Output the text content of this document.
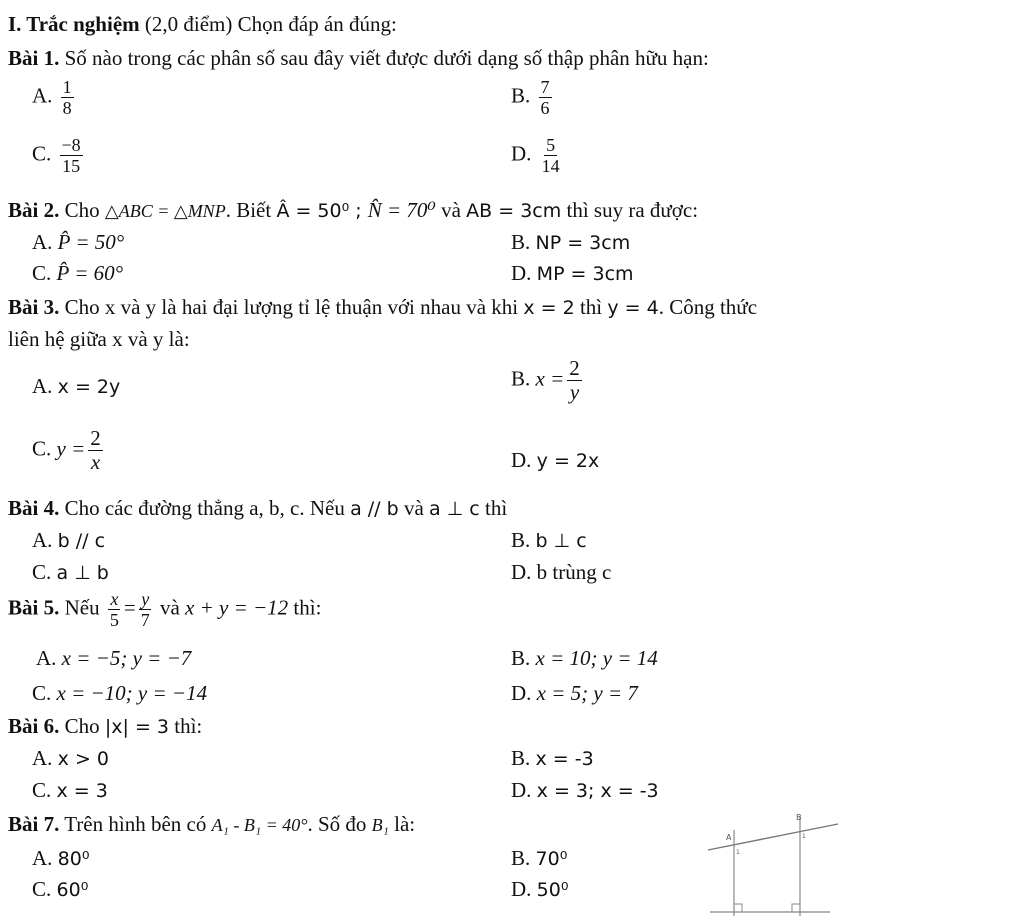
I. Trắc nghiệm (2,0 điểm) Chọn đáp án đúng:
Bài 1. Số nào trong các phân số sau đây viết được dưới dạng số thập phân hữu hạn:
A. $\frac{1}{8}$	B. $\frac{7}{6}$
C. $\frac{-8}{15}$	D. $\frac{5}{14}$
Bài 2. Cho △ABC = △MNP. Biết Â = 50⁰ ; N̂ = 70⁰ và AB = 3cm thì suy ra được:
A. P̂ = 50°	B. NP = 3cm
C. P̂ = 60°	D. MP = 3cm
Bài 3. Cho x và y là hai đại lượng tỉ lệ thuận với nhau và khi x = 2 thì y = 4. Công thức
liên hệ giữa x và y là:
A. x = 2y	B. $x = \frac{2}{y}$
C. $y = \frac{2}{x}$	D. y = 2x
Bài 4. Cho các đường thẳng a, b, c. Nếu a // b và a ⊥ c thì
A. b // c	B. b ⊥ c
C. a ⊥ b	D. b trùng c
Bài 5. Nếu $\frac{x}{5} = \frac{y}{7}$ và x + y = −12 thì:
A. x = −5; y = −7	B. x = 10; y = 14
C. x = −10; y = −14	D. x = 5; y = 7
Bài 6. Cho |x| = 3 thì:
A. x > 0	B. x = -3
C. x = 3	D. x = 3; x = -3
Bài 7. Trên hình bên có A₁ - B₁ = 40°. Số đo B₁ là:
A. 80⁰	B. 70⁰
C. 60⁰	D. 50⁰
A
B
1
1
